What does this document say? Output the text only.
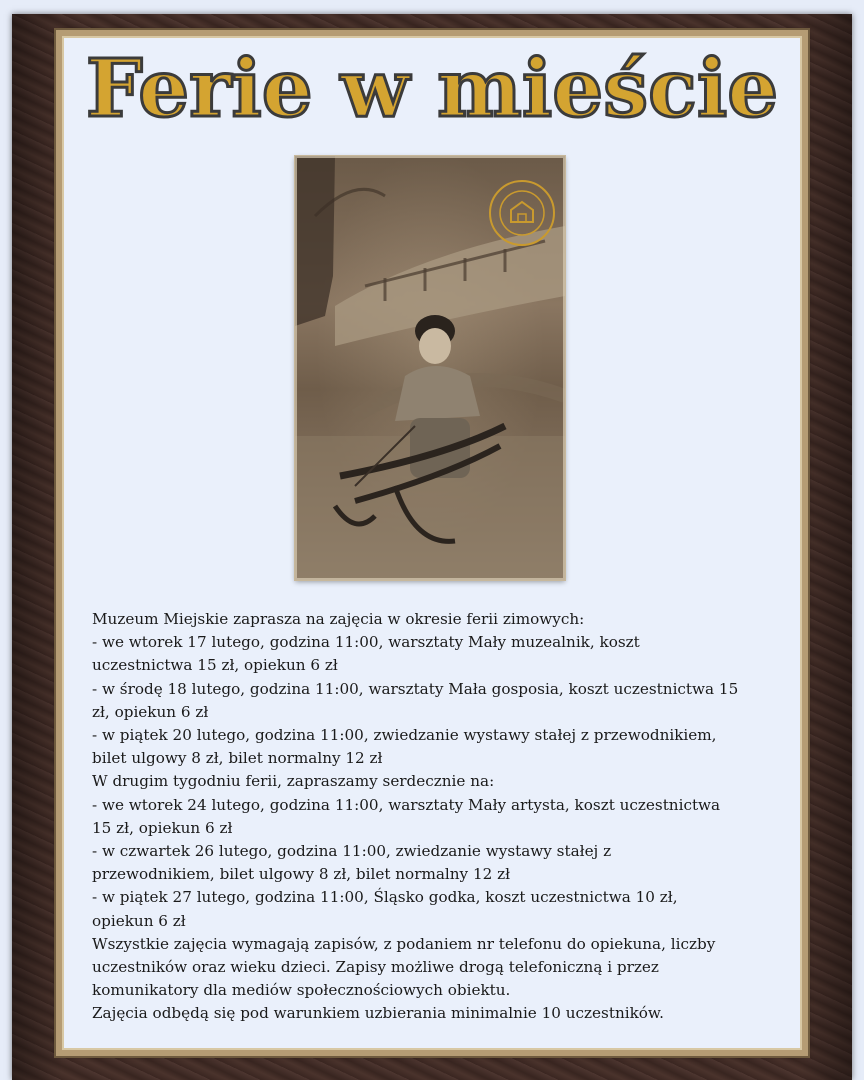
Ferie w mieście
Muzeum Miejskie zaprasza na zajęcia w okresie ferii zimowych:
- we wtorek 17 lutego, godzina 11:00, warsztaty Mały muzealnik, koszt
uczestnictwa 15 zł, opiekun 6 zł
- w środę 18 lutego, godzina 11:00, warsztaty Mała gosposia, koszt uczestnictwa 15
zł, opiekun 6 zł
- w piątek 20 lutego, godzina 11:00, zwiedzanie wystawy stałej z przewodnikiem,
bilet ulgowy 8 zł, bilet normalny 12 zł
W drugim tygodniu ferii, zapraszamy serdecznie na:
- we wtorek 24 lutego, godzina 11:00, warsztaty Mały artysta, koszt uczestnictwa
15 zł, opiekun 6 zł
- w czwartek 26 lutego, godzina 11:00, zwiedzanie wystawy stałej z
przewodnikiem, bilet ulgowy 8 zł, bilet normalny 12 zł
- w piątek 27 lutego, godzina 11:00, Śląsko godka, koszt uczestnictwa 10 zł,
opiekun 6 zł
Wszystkie zajęcia wymagają zapisów, z podaniem nr telefonu do opiekuna, liczby
uczestników oraz wieku dzieci. Zapisy możliwe drogą telefoniczną i przez
komunikatory dla mediów społecznościowych obiektu.
Zajęcia odbędą się pod warunkiem uzbierania minimalnie 10 uczestników.
